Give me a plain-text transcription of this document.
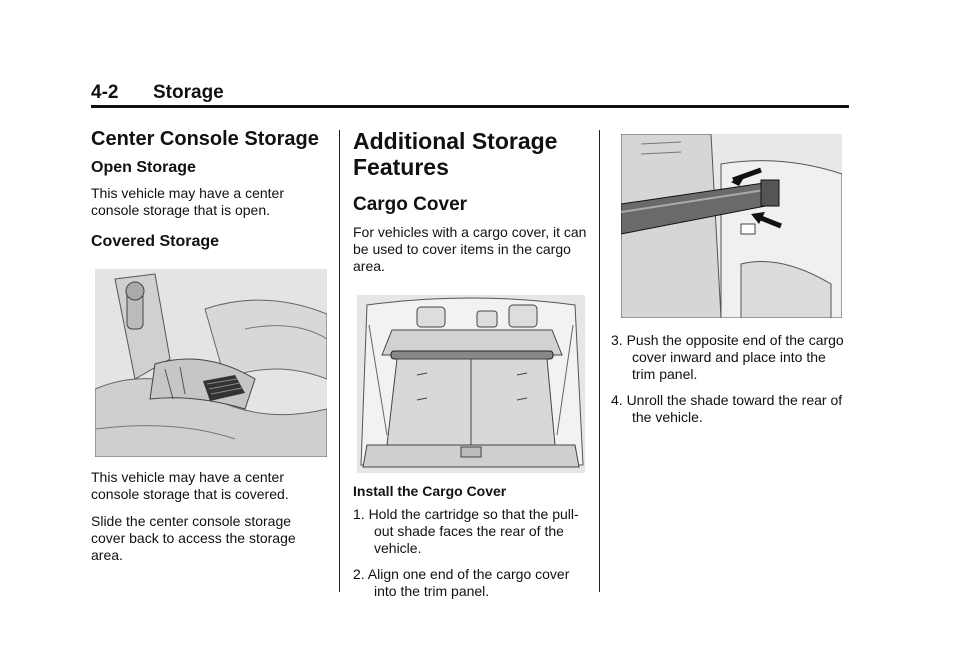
4-2 Storage
Center Console Storage
Open Storage

This vehicle may have a center console storage that is open.

Covered Storage

This vehicle may have a center console storage that is covered.

Slide the center console storage cover back to access the storage area.

Additional Storage Features
Cargo Cover

For vehicles with a cargo cover, it can be used to cover items in the cargo area.

Install the Cargo Cover

1. Hold the cartridge so that the pull-out shade faces the rear of the vehicle.
2. Align one end of the cargo cover into the trim panel.
3. Push the opposite end of the cargo cover inward and place into the trim panel.
4. Unroll the shade toward the rear of the vehicle.
